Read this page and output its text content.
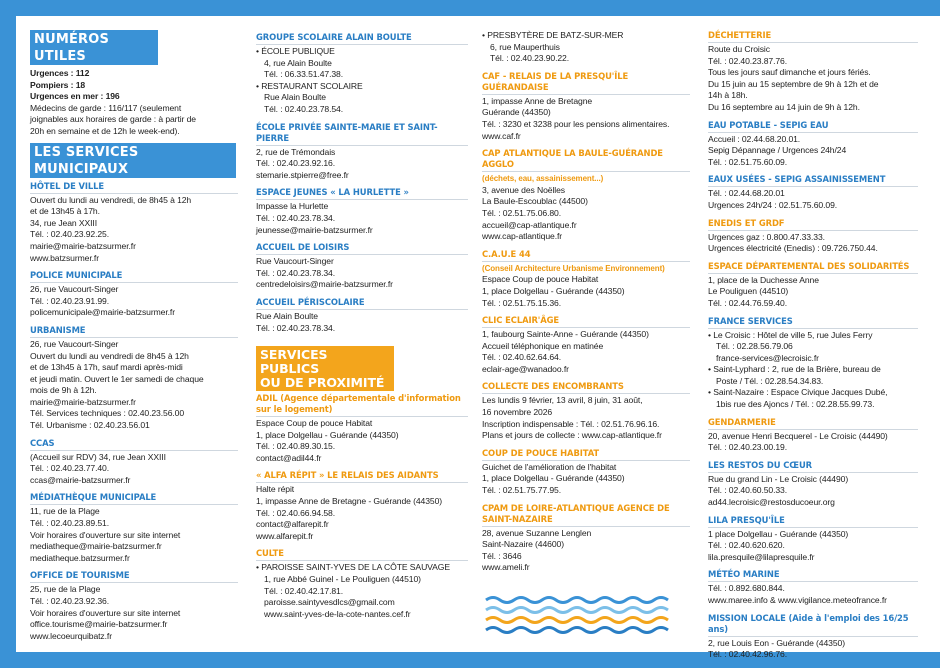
NUMÉROS UTILES
Urgences : 112
Pompiers : 18
Urgences en mer : 196
Médecins de garde : 116/117 (seulement
joignables aux horaires de garde : à partir de
20h en semaine et de 12h le week-end).
LES SERVICES MUNICIPAUX
HÔTEL DE VILLE
Ouvert du lundi au vendredi, de 8h45 à 12h
et de 13h45 à 17h.
34, rue Jean XXIII
Tél. : 02.40.23.92.25.
mairie@mairie-batzsurmer.fr
www.batzsurmer.fr
POLICE MUNICIPALE
26, rue Vaucourt-Singer
Tél. : 02.40.23.91.99.
policemunicipale@mairie-batzsurmer.fr
URBANISME
26, rue Vaucourt-Singer
Ouvert du lundi au vendredi de 8h45 à 12h
et de 13h45 à 17h, sauf mardi après-midi
et jeudi matin. Ouvert le 1er samedi de chaque
mois de 9h à 12h.
mairie@mairie-batzsurmer.fr
Tél. Services techniques : 02.40.23.56.00
Tél. Urbanisme : 02.40.23.56.01
CCAS
(Accueil sur RDV) 34, rue Jean XXIII
Tél. : 02.40.23.77.40.
ccas@mairie-batzsurmer.fr
MÉDIATHÈQUE MUNICIPALE
11, rue de la Plage
Tél. : 02.40.23.89.51.
Voir horaires d'ouverture sur site internet
mediatheque@mairie-batzsurmer.fr
mediatheque.batzsurmer.fr
OFFICE DE TOURISME
25, rue de la Plage
Tél. : 02.40.23.92.36.
Voir horaires d'ouverture sur site internet
office.tourisme@mairie-batzsurmer.fr
www.lecoeurquibatz.fr
GROUPE SCOLAIRE ALAIN BOULTE
• ÉCOLE PUBLIQUE
4, rue Alain Boulte
Tél. : 06.33.51.47.38.
• RESTAURANT SCOLAIRE
Rue Alain Boulte
Tél. : 02.40.23.78.54.
ÉCOLE PRIVÉE SAINTE-MARIE ET SAINT-PIERRE
2, rue de Trémondais
Tél. : 02.40.23.92.16.
stemarie.stpierre@free.fr
ESPACE JEUNES « LA HURLETTE »
Impasse la Hurlette
Tél. : 02.40.23.78.34.
jeunesse@mairie-batzsurmer.fr
ACCUEIL DE LOISIRS
Rue Vaucourt-Singer
Tél. : 02.40.23.78.34.
centredeloisirs@mairie-batzsurmer.fr
ACCUEIL PÉRISCOLAIRE
Rue Alain Boulte
Tél. : 02.40.23.78.34.
SERVICES PUBLICS
OU DE PROXIMITÉ
ADIL (Agence départementale d'information sur le logement)
Espace Coup de pouce Habitat
1, place Dolgellau - Guérande (44350)
Tél. : 02.40.89.30.15.
contact@adil44.fr
« ALFA RÉPIT » LE RELAIS DES AIDANTS
Halte répit
1, impasse Anne de Bretagne - Guérande (44350)
Tél. : 02.40.66.94.58.
contact@alfarepit.fr
www.alfarepit.fr
CULTE
• PAROISSE SAINT-YVES DE LA CÔTE SAUVAGE
1, rue Abbé Guinel - Le Pouliguen (44510)
Tél. : 02.40.42.17.81.
paroisse.saintyvesdlcs@gmail.com
www.saint-yves-de-la-cote-nantes.cef.fr
• PRESBYTÈRE DE BATZ-SUR-MER
6, rue Mauperthuis
Tél. : 02.40.23.90.22.
CAF - RELAIS DE LA PRESQU'ÎLE GUÉRANDAISE
1, impasse Anne de Bretagne
Guérande (44350)
Tél. : 3230 et 3238 pour les pensions alimentaires.
www.caf.fr
CAP ATLANTIQUE LA BAULE-GUÉRANDE AGGLO
(déchets, eau, assainissement...)
3, avenue des Noëlles
La Baule-Escoublac (44500)
Tél. : 02.51.75.06.80.
accueil@cap-atlantique.fr
www.cap-atlantique.fr
C.A.U.E 44
(Conseil Architecture Urbanisme Environnement)
Espace Coup de pouce Habitat
1, place Dolgellau - Guérande (44350)
Tél. : 02.51.75.15.36.
CLIC ECLAIR'ÂGE
1, faubourg Sainte-Anne - Guérande (44350)
Accueil téléphonique en matinée
Tél. : 02.40.62.64.64.
eclair-age@wanadoo.fr
COLLECTE DES ENCOMBRANTS
Les lundis 9 février, 13 avril, 8 juin, 31 août,
16 novembre 2026
Inscription indispensable : Tél. : 02.51.76.96.16.
Plans et jours de collecte : www.cap-atlantique.fr
COUP DE POUCE HABITAT
Guichet de l'amélioration de l'habitat
1, place Dolgellau - Guérande (44350)
Tél. : 02.51.75.77.95.
CPAM DE LOIRE-ATLANTIQUE AGENCE DE SAINT-NAZAIRE
28, avenue Suzanne Lenglen
Saint-Nazaire (44600)
Tél. : 3646
www.ameli.fr
DÉCHETTERIE
Route du Croisic
Tél. : 02.40.23.87.76.
Tous les jours sauf dimanche et jours fériés.
Du 15 juin au 15 septembre de 9h à 12h et de
14h à 18h.
Du 16 septembre au 14 juin de 9h à 12h.
EAU POTABLE - SEPIG EAU
Accueil : 02.44.68.20.01.
Sepig Dépannage / Urgences 24h/24
Tél. : 02.51.75.60.09.
EAUX USÉES - SEPIG ASSAINISSEMENT
Tél. : 02.44.68.20.01
Urgences 24h/24 : 02.51.75.60.09.
ENEDIS ET GRDF
Urgences gaz : 0.800.47.33.33.
Urgences électricité (Enedis) : 09.726.750.44.
ESPACE DÉPARTEMENTAL DES SOLIDARITÉS
1, place de la Duchesse Anne
Le Pouliguen (44510)
Tél. : 02.44.76.59.40.
FRANCE SERVICES
• Le Croisic : Hôtel de ville 5, rue Jules Ferry
Tél. : 02.28.56.79.06
france-services@lecroisic.fr
• Saint-Lyphard : 2, rue de la Brière, bureau de
Poste / Tél. : 02.28.54.34.83.
• Saint-Nazaire : Espace Civique Jacques Dubé,
1bis rue des Ajoncs / Tél. : 02.28.55.99.73.
GENDARMERIE
20, avenue Henri Becquerel - Le Croisic (44490)
Tél. : 02.40.23.00.19.
LES RESTOS DU CŒUR
Rue du grand Lin - Le Croisic (44490)
Tél. : 02.40.60.50.33.
ad44.lecroisic@restosducoeur.org
LILA PRESQU'ÎLE
1 place Dolgellau - Guérande (44350)
Tél. : 02.40.620.620.
lila.presquile@lilapresquile.fr
MÉTÉO MARINE
Tél. : 0.892.680.844.
www.maree.info & www.vigilance.meteofrance.fr
MISSION LOCALE (Aide à l'emploi des 16/25 ans)
2, rue Louis Eon - Guérande (44350)
Tél. : 02.40.42.96.76.
